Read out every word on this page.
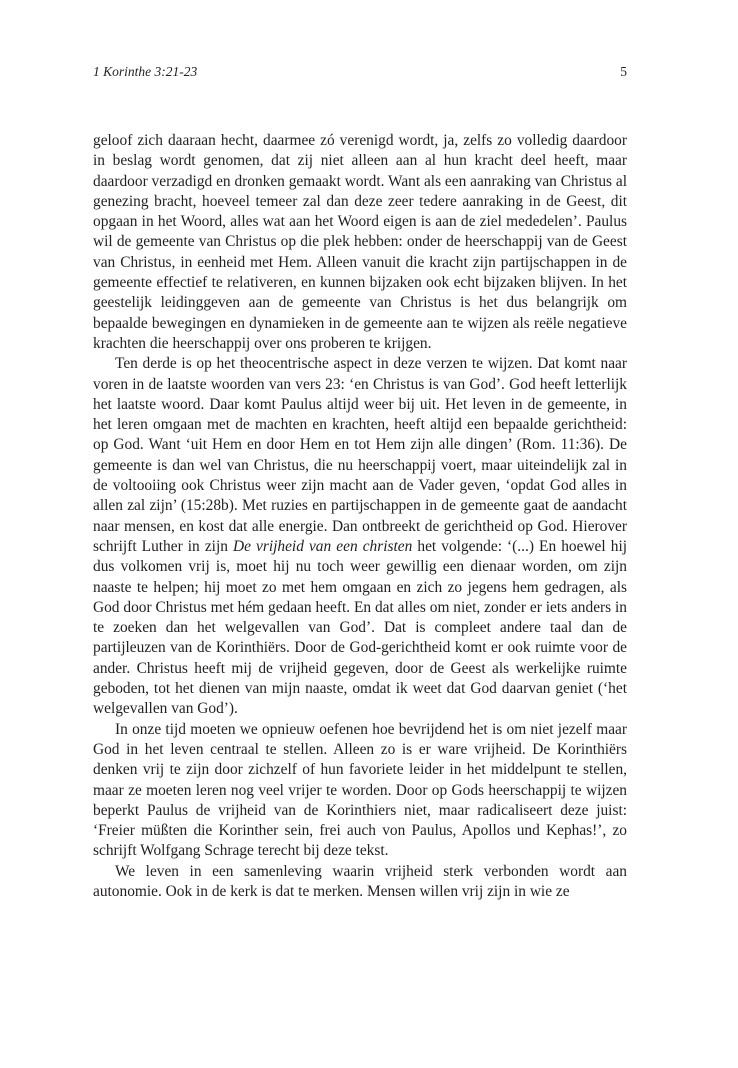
1 Korinthe 3:21-23	5

geloof zich daaraan hecht, daarmee zó verenigd wordt, ja, zelfs zo volledig daardoor in beslag wordt genomen, dat zij niet alleen aan al hun kracht deel heeft, maar daardoor verzadigd en dronken gemaakt wordt. Want als een aanraking van Christus al genezing bracht, hoeveel temeer zal dan deze zeer tedere aanraking in de Geest, dit opgaan in het Woord, alles wat aan het Woord eigen is aan de ziel mededelen’. Paulus wil de gemeente van Christus op die plek hebben: onder de heerschappij van de Geest van Christus, in eenheid met Hem. Alleen vanuit die kracht zijn partijschappen in de gemeente effectief te relativeren, en kunnen bijzaken ook echt bijzaken blijven. In het geestelijk leidinggeven aan de gemeente van Christus is het dus belangrijk om bepaalde bewegingen en dynamieken in de gemeente aan te wijzen als reële negatieve krachten die heerschappij over ons proberen te krijgen.

Ten derde is op het theocentrische aspect in deze verzen te wijzen. Dat komt naar voren in de laatste woorden van vers 23: ‘en Christus is van God’. God heeft letterlijk het laatste woord. Daar komt Paulus altijd weer bij uit. Het leven in de gemeente, in het leren omgaan met de machten en krachten, heeft altijd een bepaalde gerichtheid: op God. Want ‘uit Hem en door Hem en tot Hem zijn alle dingen’ (Rom. 11:36). De gemeente is dan wel van Christus, die nu heerschappij voert, maar uiteindelijk zal in de voltooiing ook Christus weer zijn macht aan de Vader geven, ‘opdat God alles in allen zal zijn’ (15:28b). Met ruzies en partijschappen in de gemeente gaat de aandacht naar mensen, en kost dat alle energie. Dan ontbreekt de gerichtheid op God. Hierover schrijft Luther in zijn De vrijheid van een christen het volgende: ‘(...) En hoewel hij dus volkomen vrij is, moet hij nu toch weer gewillig een dienaar worden, om zijn naaste te helpen; hij moet zo met hem omgaan en zich zo jegens hem gedragen, als God door Christus met hém gedaan heeft. En dat alles om niet, zonder er iets anders in te zoeken dan het welgevallen van God’. Dat is compleet andere taal dan de partijleuzen van de Korinthiërs. Door de God-gerichtheid komt er ook ruimte voor de ander. Christus heeft mij de vrijheid gegeven, door de Geest als werkelijke ruimte geboden, tot het dienen van mijn naaste, omdat ik weet dat God daarvan geniet (‘het welgevallen van God’).

In onze tijd moeten we opnieuw oefenen hoe bevrijdend het is om niet jezelf maar God in het leven centraal te stellen. Alleen zo is er ware vrijheid. De Korinthiërs denken vrij te zijn door zichzelf of hun favoriete leider in het middelpunt te stellen, maar ze moeten leren nog veel vrijer te worden. Door op Gods heerschappij te wijzen beperkt Paulus de vrijheid van de Korinthiers niet, maar radicaliseert deze juist: ‘Freier müßten die Korinther sein, frei auch von Paulus, Apollos und Kephas!’, zo schrijft Wolfgang Schrage terecht bij deze tekst.

We leven in een samenleving waarin vrijheid sterk verbonden wordt aan autonomie. Ook in de kerk is dat te merken. Mensen willen vrij zijn in wie ze
